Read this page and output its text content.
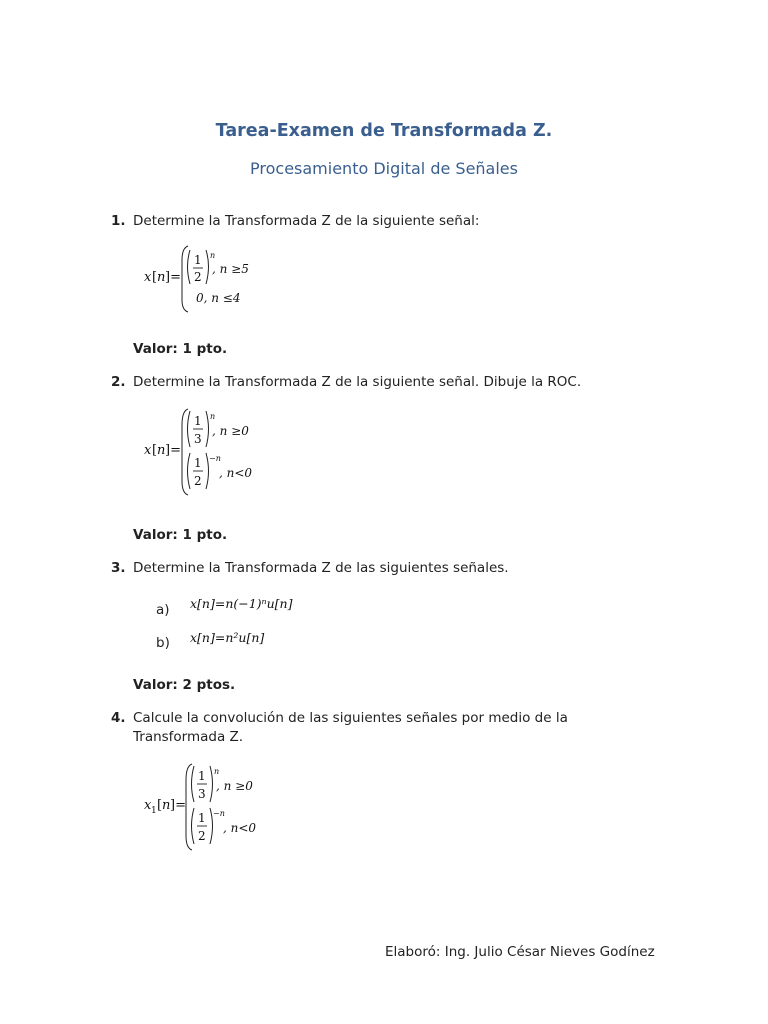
Tarea-Examen de Transformada Z.
Procesamiento Digital de Señales
1. Determine la Transformada Z de la siguiente señal:
x [ n ]=
1
2
n
, n ≥5
0, n ≤4
Valor: 1 pto.
2. Determine la Transformada Z de la siguiente señal. Dibuje la ROC.
x [ n ]=
1
3
n
, n ≥0
1
2
−n
, n<0
Valor: 1 pto.
3. Determine la Transformada Z de las siguientes señales.
a) x[n]=n(−1)ⁿu[n]
b) x[n]=n²u[n]
Valor: 2 ptos.
4. Calcule la convolución de las siguientes señales por medio de la
Transformada Z.
x 1 [ n ]=
1
3
n
, n ≥0
1
2
−n
, n<0
Elaboró: Ing. Julio César Nieves Godínez
